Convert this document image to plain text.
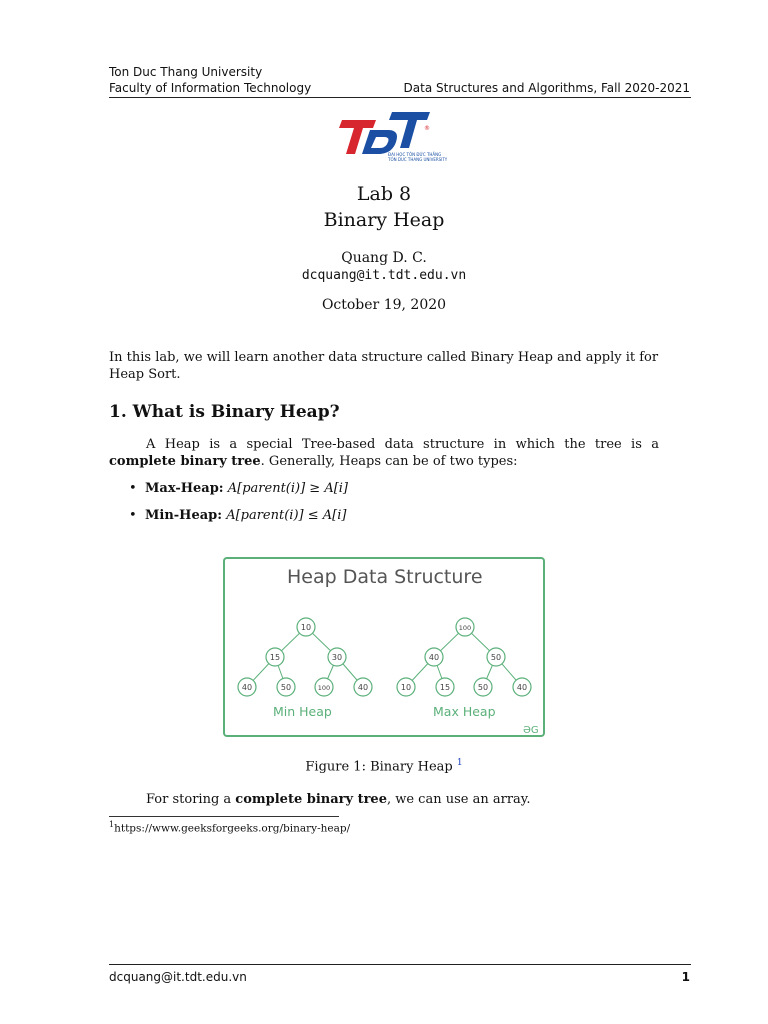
Ton Duc Thang University
Faculty of Information Technology	Data Structures and Algorithms, Fall 2020-2021
®
ĐẠI HỌC TÔN ĐỨC THẮNG
TON DUC THANG UNIVERSITY
Lab 8
Binary Heap
Quang D. C.
dcquang@it.tdt.edu.vn
October 19, 2020
In this lab, we will learn another data structure called Binary Heap and apply it for Heap Sort.
1. What is Binary Heap?
A Heap is a special Tree-based data structure in which the tree is a complete binary tree. Generally, Heaps can be of two types:
• Max-Heap: A[parent(i)] ≥ A[i]
• Min-Heap: A[parent(i)] ≤ A[i]
Heap Data Structure
10
15	30
40	50	100	40
100
40	50
10	15	50	40
Min Heap	Max Heap
ƏG
Figure 1: Binary Heap $^1$
For storing a complete binary tree, we can use an array.
$^1$https://www.geeksforgeeks.org/binary-heap/
dcquang@it.tdt.edu.vn	1
